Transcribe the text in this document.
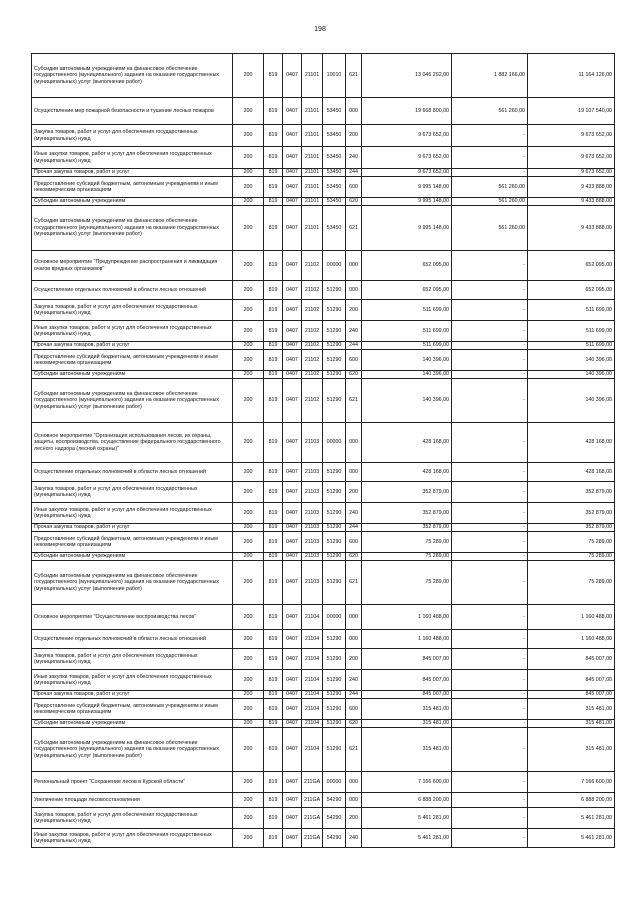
198
Субсидии автономным учреждениям на финансовое обеспечение государственного (муниципального) задания на оказание государственных (муниципальных) услуг (выполнение работ)	200	819	0407	21101	10010	621	13 046 292,00	1 882 166,00	11 164 126,00
Осуществление мер пожарной безопасности и тушение лесных пожаров	200	819	0407	21101	53450	000	19 668 800,00	561 260,00	19 107 540,00
Закупка товаров, работ и услуг для обеспечения государственных (муниципальных) нужд	200	819	0407	21101	53450	200	9 673 652,00	-	9 673 652,00
Иные закупки товаров, работ и услуг для обеспечения государственных (муниципальных) нужд	200	819	0407	21101	53450	240	9 673 652,00	-	9 673 652,00
Прочая закупка товаров, работ и услуг	200	819	0407	21101	53450	244	9 673 652,00	-	9 673 652,00
Предоставление субсидий бюджетным, автономным учреждениям и иным некоммерческим организациям	200	819	0407	21101	53450	600	9 995 148,00	561 260,00	9 433 888,00
Субсидии автономным учреждениям	200	819	0407	21101	53450	620	9 995 148,00	561 260,00	9 433 888,00
Субсидии автономным учреждениям на финансовое обеспечение государственного (муниципального) задания на оказание государственных (муниципальных) услуг (выполнение работ)	200	819	0407	21101	53450	621	9 995 148,00	561 260,00	9 433 888,00
Основное мероприятие "Предупреждение распространения и ликвидация очагов вредных организмов"	200	819	0407	21102	00000	000	652 095,00	-	652 095,00
Осуществление отдельных полномочий в области лесных отношений	200	819	0407	21102	51290	000	652 095,00	-	652 095,00
Закупка товаров, работ и услуг для обеспечения государственных (муниципальных) нужд	200	819	0407	21102	51290	200	511 699,00	-	511 699,00
Иные закупки товаров, работ и услуг для обеспечения государственных (муниципальных) нужд	200	819	0407	21102	51290	240	511 699,00	-	511 699,00
Прочая закупка товаров, работ и услуг	200	819	0407	21102	51290	244	511 699,00	-	511 699,00
Предоставление субсидий бюджетным, автономным учреждениям и иным некоммерческим организациям	200	819	0407	21102	51290	600	140 396,00	-	140 396,00
Субсидии автономным учреждениям	200	819	0407	21102	51290	620	140 396,00	-	140 396,00
Субсидии автономным учреждениям на финансовое обеспечение государственного (муниципального) задания на оказание государственных (муниципальных) услуг (выполнение работ)	200	819	0407	21102	51290	621	140 396,00	-	140 396,00
Основное мероприятие "Организация использования лесов, их охраны, защиты, воспроизводства, осуществление федерального государственного лесного надзора (лесной охраны)"	200	819	0407	21103	00000	000	428 168,00	-	428 168,00
Осуществление отдельных полномочий в области лесных отношений	200	819	0407	21103	51290	000	428 168,00	-	428 168,00
Закупка товаров, работ и услуг для обеспечения государственных (муниципальных) нужд	200	819	0407	21103	51290	200	352 879,00	-	352 879,00
Иные закупки товаров, работ и услуг для обеспечения государственных (муниципальных) нужд	200	819	0407	21103	51290	240	352 879,00	-	352 879,00
Прочая закупка товаров, работ и услуг	200	819	0407	21103	51290	244	352 879,00	-	352 879,00
Предоставление субсидий бюджетным, автономным учреждениям и иным некоммерческим организациям	200	819	0407	21103	51290	600	75 289,00	-	75 289,00
Субсидии автономным учреждениям	200	819	0407	21103	51290	620	75 289,00	-	75 289,00
Субсидии автономным учреждениям на финансовое обеспечение государственного (муниципального) задания на оказание государственных (муниципальных) услуг (выполнение работ)	200	819	0407	21103	51290	621	75 289,00	-	75 289,00
Основное мероприятие "Осуществление воспроизводства лесов"	200	819	0407	21104	00000	000	1 160 488,00	-	1 160 488,00
Осуществление отдельных полномочий в области лесных отношений	200	819	0407	21104	51290	000	1 160 488,00	-	1 160 488,00
Закупка товаров, работ и услуг для обеспечения государственных (муниципальных) нужд	200	819	0407	21104	51290	200	845 007,00	-	845 007,00
Иные закупки товаров, работ и услуг для обеспечения государственных (муниципальных) нужд	200	819	0407	21104	51290	240	845 007,00	-	845 007,00
Прочая закупка товаров, работ и услуг	200	819	0407	21104	51290	244	845 007,00	-	845 007,00
Предоставление субсидий бюджетным, автономным учреждениям и иным некоммерческим организациям	200	819	0407	21104	51290	600	315 481,00	-	315 481,00
Субсидии автономным учреждениям	200	819	0407	21104	51290	620	315 481,00	-	315 481,00
Субсидии автономным учреждениям на финансовое обеспечение государственного (муниципального) задания на оказание государственных (муниципальных) услуг (выполнение работ)	200	819	0407	21104	51290	621	315 481,00	-	315 481,00
Региональный проект "Сохранение лесов в Курской области"	200	819	0407	211GA	00000	000	7 166 600,00	-	7 166 600,00
Увеличение площади лесовосстановления	200	819	0407	211GA	54290	000	6 888 200,00	-	6 888 200,00
Закупка товаров, работ и услуг для обеспечения государственных (муниципальных) нужд	200	819	0407	211GA	54290	200	5 461 281,00	-	5 461 281,00
Иные закупки товаров, работ и услуг для обеспечения государственных (муниципальных) нужд	200	819	0407	211GA	54290	240	5 461 281,00	-	5 461 281,00
